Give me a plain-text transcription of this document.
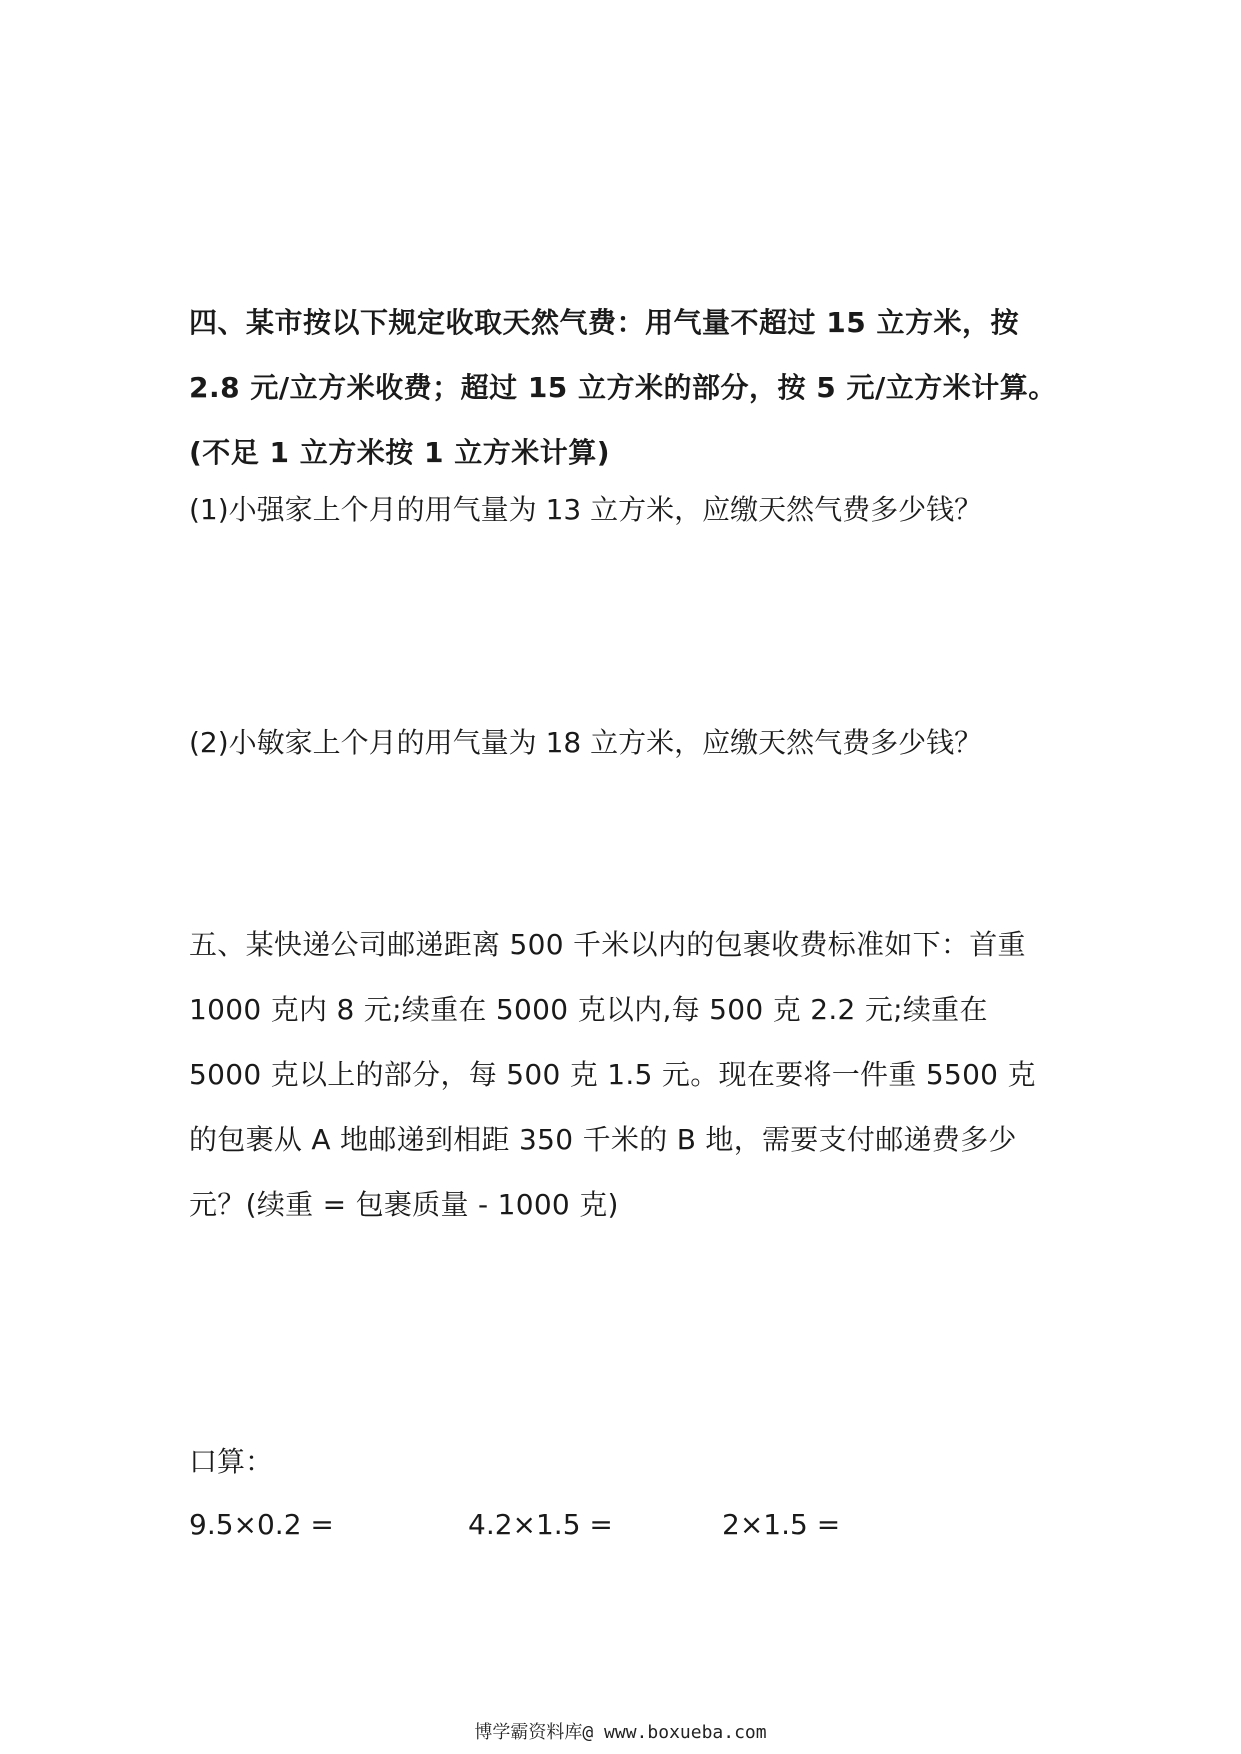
四、某市按以下规定收取天然气费：用气量不超过 15 立方米，按 2.8 元/立方米收费；超过 15 立方米的部分，按 5 元/立方米计算。(不足 1 立方米按 1 立方米计算)
(1)小强家上个月的用气量为 13 立方米，应缴天然气费多少钱？
(2)小敏家上个月的用气量为 18 立方米，应缴天然气费多少钱？
五、某快递公司邮递距离 500 千米以内的包裹收费标准如下：首重 1000 克内 8 元;续重在 5000 克以内,每 500 克 2.2 元;续重在 5000 克以上的部分，每 500 克 1.5 元。现在要将一件重 5500 克的包裹从 A 地邮递到相距 350 千米的 B 地，需要支付邮递费多少元？(续重 = 包裹质量 - 1000 克)
口算：
9.5×0.2 =	4.2×1.5 =	2×1.5 =
博学霸资料库@ www.boxueba.com
